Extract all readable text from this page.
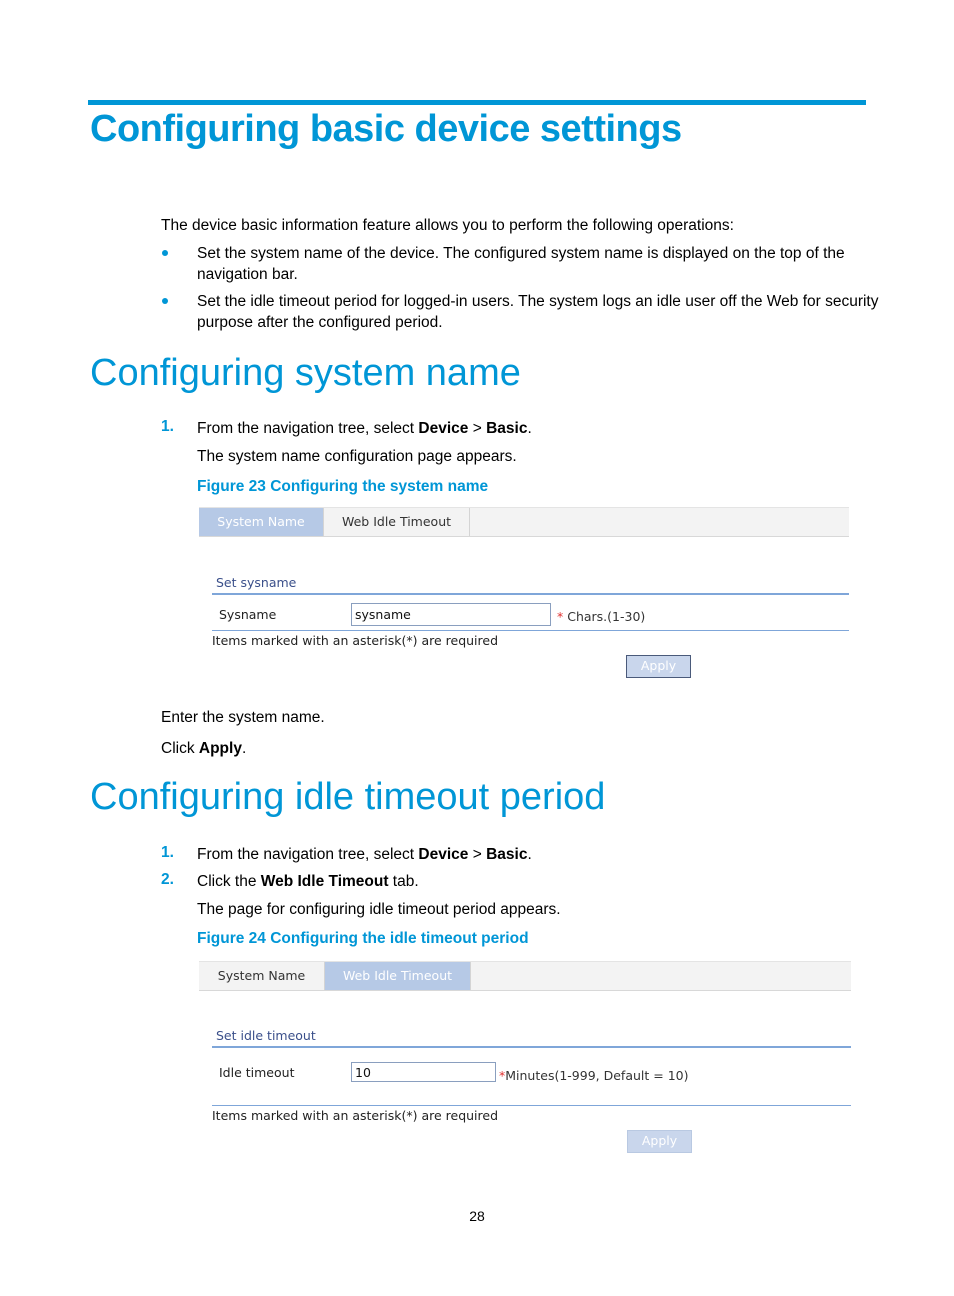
Configuring basic device settings
The device basic information feature allows you to perform the following operations:
Set the system name of the device. The configured system name is displayed on the top of the
navigation bar.
Set the idle timeout period for logged-in users. The system logs an idle user off the Web for security
purpose after the configured period.
Configuring system name
1. From the navigation tree, select Device > Basic.
The system name configuration page appears.
Figure 23 Configuring the system name
System Name	Web Idle Timeout
Set sysname
Sysname	sysname	* Chars.(1-30)
Items marked with an asterisk(*) are required
Apply
Enter the system name.
Click Apply.
Configuring idle timeout period
1. From the navigation tree, select Device > Basic.
2. Click the Web Idle Timeout tab.
The page for configuring idle timeout period appears.
Figure 24 Configuring the idle timeout period
System Name	Web Idle Timeout
Set idle timeout
Idle timeout	10	*Minutes(1-999, Default = 10)
Items marked with an asterisk(*) are required
Apply
28
